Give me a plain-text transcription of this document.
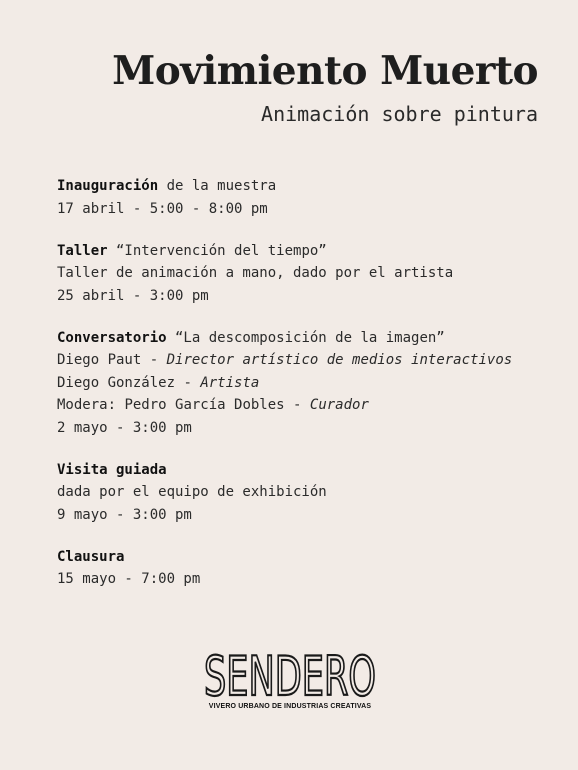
Movimiento Muerto
Animación sobre pintura
Inauguración de la muestra
17 abril - 5:00 - 8:00 pm
Taller “Intervención del tiempo”
Taller de animación a mano, dado por el artista
25 abril - 3:00 pm
Conversatorio “La descomposición de la imagen”
Diego Paut - Director artístico de medios interactivos
Diego González - Artista
Modera: Pedro García Dobles - Curador
2 mayo - 3:00 pm
Visita guiada
dada por el equipo de exhibición
9 mayo - 3:00 pm
Clausura
15 mayo - 7:00 pm
SENDERO
VIVERO URBANO DE INDUSTRIAS CREATIVAS
